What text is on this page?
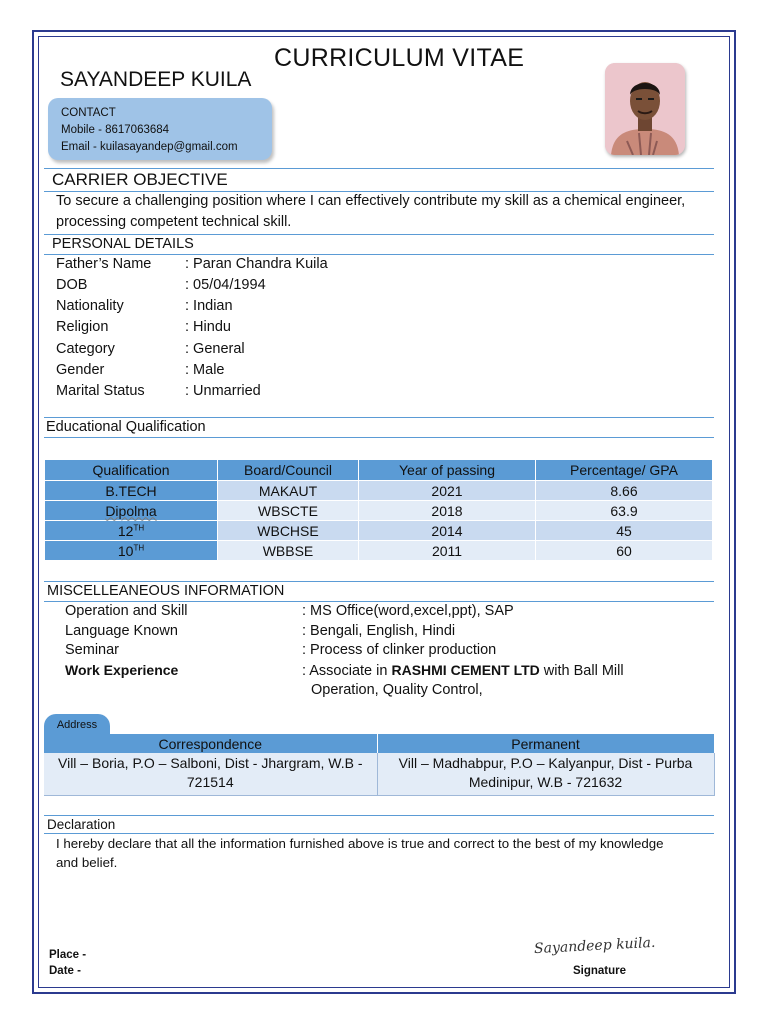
CURRICULUM VITAE
SAYANDEEP KUILA
CONTACT
Mobile - 8617063684
Email - kuilasayandep@gmail.com
CARRIER OBJECTIVE
To secure a challenging position where I can effectively contribute my skill as a chemical engineer,
processing competent technical skill.
PERSONAL DETAILS
Father’s Name : Paran Chandra Kuila
DOB	: 05/04/1994
Nationality	: Indian
Religion	: Hindu
Category	: General
Gender	: Male
Marital Status	: Unmarried
Educational Qualification
Qualification	Board/Council	Year of passing	Percentage/ GPA
B.TECH	MAKAUT	2021	8.66
Dipolma	WBSCTE	2018	63.9
12TH	WBCHSE	2014	45
10TH	WBBSE	2011	60
MISCELLEANEOUS INFORMATION
Operation and Skill	: MS Office(word,excel,ppt), SAP
Language Known	: Bengali, English, Hindi
Seminar	: Process of clinker production
Work Experience	: Associate in RASHMI CEMENT LTD with Ball Mill
Operation, Quality Control,
Address
Correspondence	Permanent
Vill – Boria, P.O – Salboni, Dist - Jhargram, W.B - 721514	Vill – Madhabpur, P.O – Kalyanpur, Dist - Purba Medinipur, W.B - 721632
Declaration
I hereby declare that all the information furnished above is true and correct to the best of my knowledge
and belief.
Place -
Date -
Sayandeep kuila.
Signature
